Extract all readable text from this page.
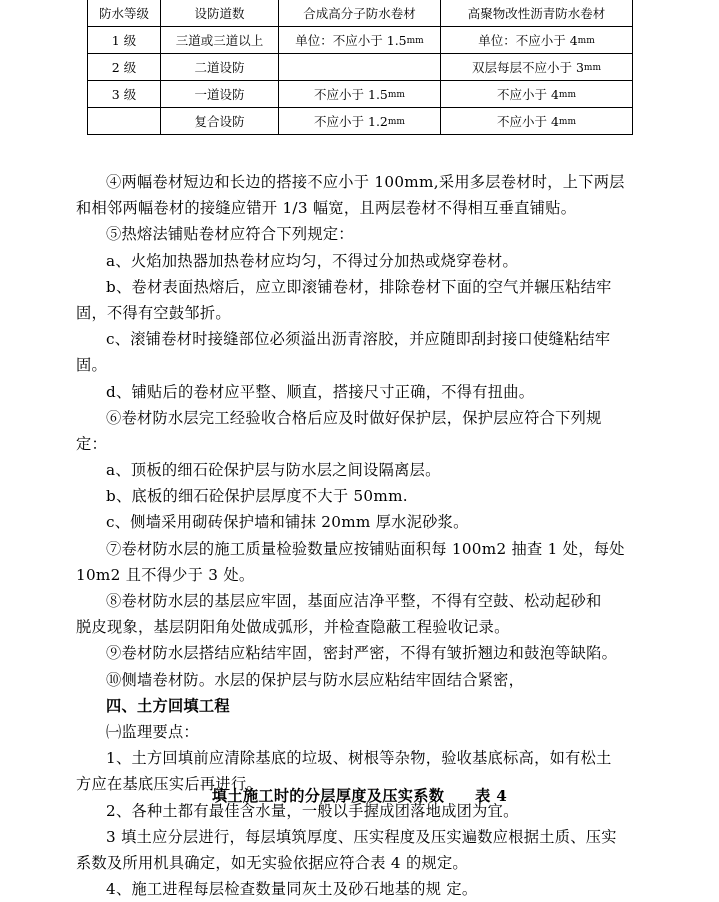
防水等级	设防道数	合成高分子防水卷材	高聚物改性沥青防水卷材
1 级	三道或三道以上	单位：不应小于 1.5mm	单位：不应小于 4mm
2 级	二道设防		双层每层不应小于 3mm
3 级	一道设防	不应小于 1.5mm	不应小于 4mm
	复合设防	不应小于 1.2mm	不应小于 4mm
④两幅卷材短边和长边的搭接不应小于 100mm,采用多层卷材时，上下两层
和相邻两幅卷材的接缝应错开 1/3 幅宽，且两层卷材不得相互垂直铺贴。
⑤热熔法铺贴卷材应符合下列规定：
a、火焰加热器加热卷材应均匀，不得过分加热或烧穿卷材。
b、卷材表面热熔后，应立即滚铺卷材，排除卷材下面的空气并辗压粘结牢
固，不得有空鼓邹折。
c、滚铺卷材时接缝部位必须溢出沥青溶胶，并应随即刮封接口使缝粘结牢
固。
d、铺贴后的卷材应平整、顺直，搭接尺寸正确，不得有扭曲。
⑥卷材防水层完工经验收合格后应及时做好保护层，保护层应符合下列规
定：
a、顶板的细石砼保护层与防水层之间设隔离层。
b、底板的细石砼保护层厚度不大于 50mm.
c、侧墙采用砌砖保护墙和铺抹 20mm 厚水泥砂浆。
⑦卷材防水层的施工质量检验数量应按铺贴面积每 100m2 抽查 1 处，每处
10m2 且不得少于 3 处。
⑧卷材防水层的基层应牢固，基面应洁净平整，不得有空鼓、松动起砂和
脱皮现象，基层阴阳角处做成弧形，并检查隐蔽工程验收记录。
⑨卷材防水层搭结应粘结牢固，密封严密，不得有皱折翘边和鼓泡等缺陷。
⑩侧墙卷材防。水层的保护层与防水层应粘结牢固结合紧密，
四、土方回填工程
㈠监理要点：
1、土方回填前应清除基底的垃圾、树根等杂物，验收基底标高，如有松土
方应在基底压实后再进行。
2、各种土都有最佳含水量，一般以手握成团落地成团为宜。
3 填土应分层进行，每层填筑厚度、压实程度及压实遍数应根据土质、压实
系数及所用机具确定，如无实验依据应符合表 4 的规定。
4、施工进程每层检查数量同灰土及砂石地基的规 定。
填土施工时的分层厚度及压实系数　　表 4
